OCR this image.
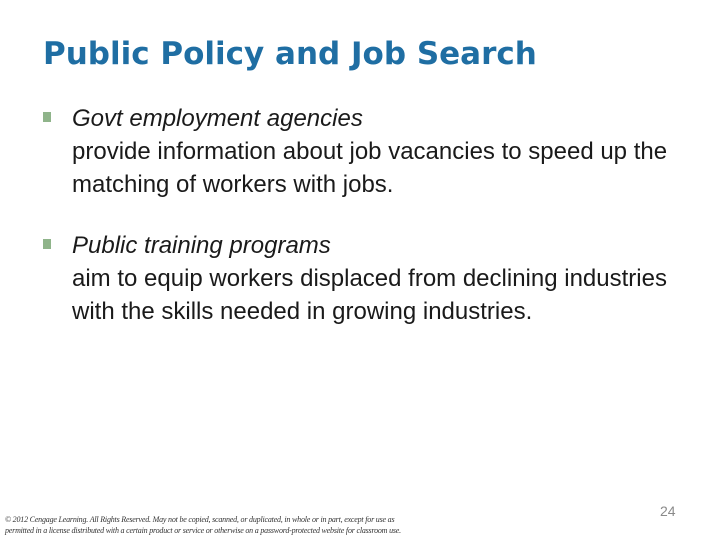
Public Policy and Job Search
Govt employment agencies
provide information about job vacancies to speed up the matching of workers with jobs.
Public training programs
aim to equip workers displaced from declining industries with the skills needed in growing industries.
© 2012 Cengage Learning. All Rights Reserved. May not be copied, scanned, or duplicated, in whole or in part, except for use as
permitted in a license distributed with a certain product or service or otherwise on a password-protected website for classroom use.
24
